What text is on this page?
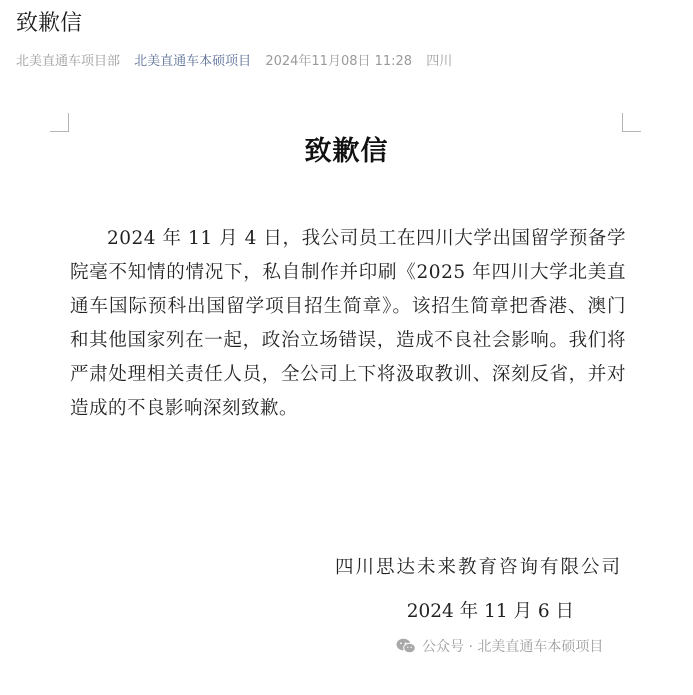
致歉信
北美直通车项目部 北美直通车本硕项目 2024年11月08日 11:28 四川
致歉信

2024 年 11 月 4 日，我公司员工在四川大学出国留学预备学院毫不知情的情况下，私自制作并印刷《2025 年四川大学北美直通车国际预科出国留学项目招生简章》。该招生简章把香港、澳门和其他国家列在一起，政治立场错误，造成不良社会影响。我们将严肃处理相关责任人员，全公司上下将汲取教训、深刻反省，并对造成的不良影响深刻致歉。

四川思达未来教育咨询有限公司
2024 年 11 月 6 日
公众号 · 北美直通车本硕项目
